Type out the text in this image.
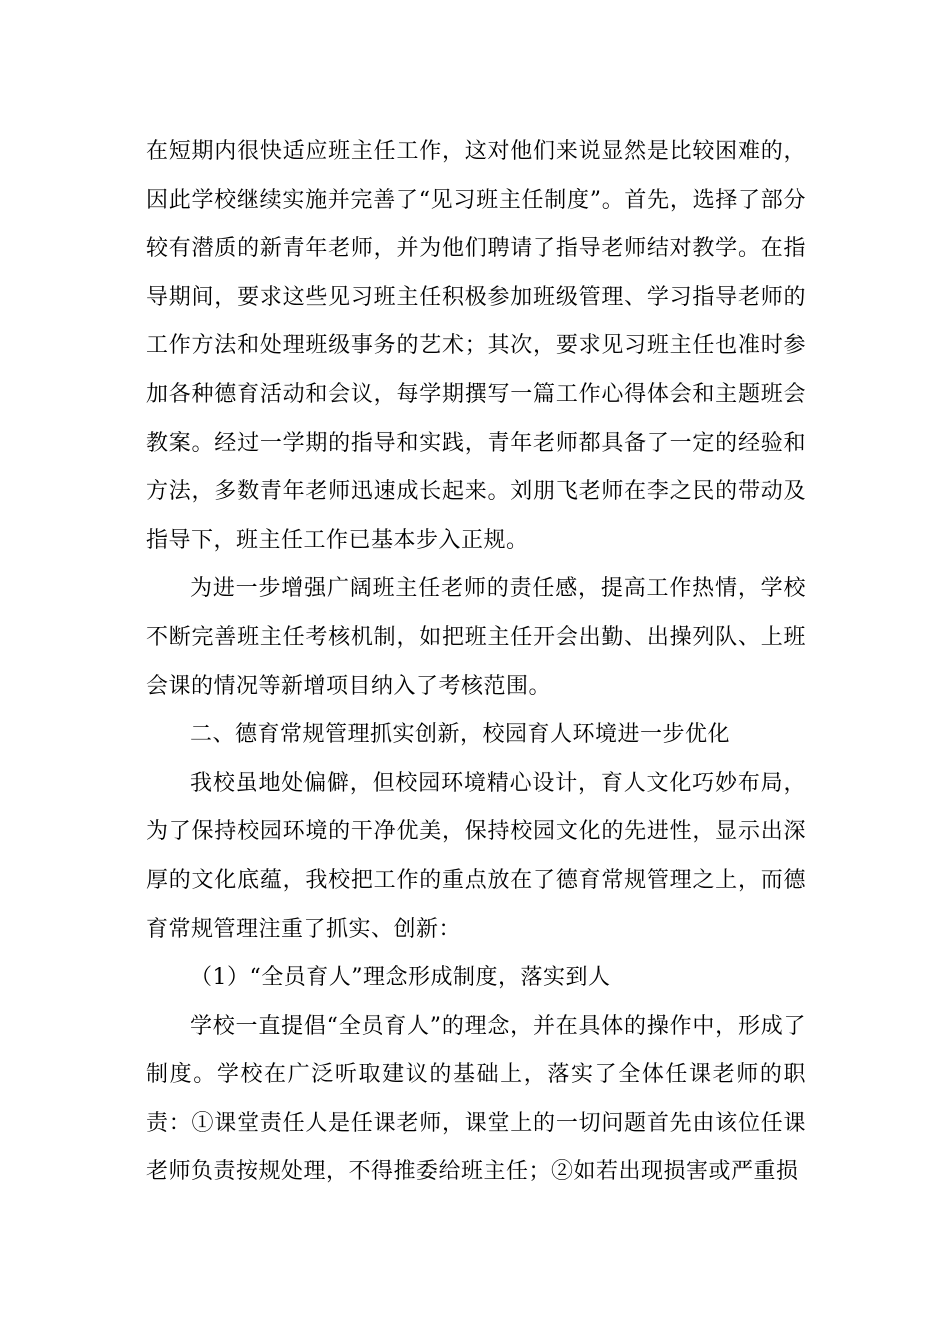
在短期内很快适应班主任工作，这对他们来说显然是比较困难的，因此学校继续实施并完善了“见习班主任制度”。首先，选择了部分较有潜质的新青年老师，并为他们聘请了指导老师结对教学。在指导期间，要求这些见习班主任积极参加班级管理、学习指导老师的工作方法和处理班级事务的艺术；其次，要求见习班主任也准时参加各种德育活动和会议，每学期撰写一篇工作心得体会和主题班会教案。经过一学期的指导和实践，青年老师都具备了一定的经验和方法，多数青年老师迅速成长起来。刘朋飞老师在李之民的带动及指导下，班主任工作已基本步入正规。

为进一步增强广阔班主任老师的责任感，提高工作热情，学校不断完善班主任考核机制，如把班主任开会出勤、出操列队、上班会课的情况等新增项目纳入了考核范围。

二、德育常规管理抓实创新，校园育人环境进一步优化

我校虽地处偏僻，但校园环境精心设计，育人文化巧妙布局，为了保持校园环境的干净优美，保持校园文化的先进性，显示出深厚的文化底蕴，我校把工作的重点放在了德育常规管理之上，而德育常规管理注重了抓实、创新：

（1）“全员育人”理念形成制度，落实到人

学校一直提倡“全员育人”的理念，并在具体的操作中，形成了制度。学校在广泛听取建议的基础上，落实了全体任课老师的职责：①课堂责任人是任课老师，课堂上的一切问题首先由该位任课老师负责按规处理，不得推委给班主任；②如若出现损害或严重损
